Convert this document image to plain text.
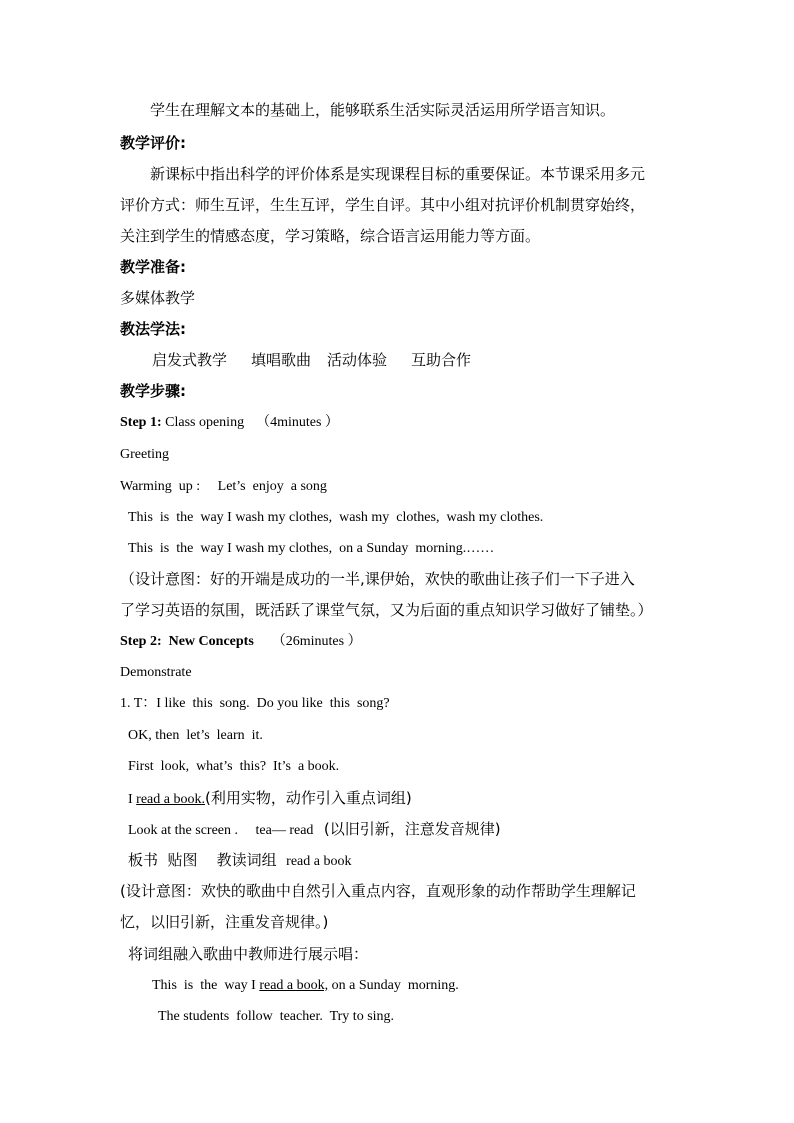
学生在理解文本的基础上，能够联系生活实际灵活运用所学语言知识。
教学评价:
新课标中指出科学的评价体系是实现课程目标的重要保证。本节课采用多元
评价方式：师生互评，生生互评，学生自评。其中小组对抗评价机制贯穿始终，
关注到学生的情感态度，学习策略，综合语言运用能力等方面。
教学准备:
多媒体教学
教法学法:
启发式教学 填唱歌曲 活动体验 互助合作
教学步骤:
Step 1: Class opening （4minutes ）
Greeting
Warming  up :     Let’s  enjoy  a song
This  is  the  way I wash my clothes,  wash my  clothes,  wash my clothes.
This  is  the  way I wash my clothes,  on a Sunday  morning.……
（设计意图：好的开端是成功的一半,课伊始，欢快的歌曲让孩子们一下子进入
了学习英语的氛围，既活跃了课堂气氛，又为后面的重点知识学习做好了铺垫。）
Step 2:  New Concepts （26minutes ）
Demonstrate
1. T：I like  this  song.  Do you like  this  song?
OK, then  let’s  learn  it.
First  look,  what’s  this?  It’s  a book.
I read a book.(利用实物，动作引入重点词组)
Look at the screen .     tea— read   (以旧引新，注意发音规律)
板书  贴图    教读词组  read a book
(设计意图：欢快的歌曲中自然引入重点内容，直观形象的动作帮助学生理解记
忆，以旧引新，注重发音规律。)
将词组融入歌曲中教师进行展示唱：
This  is  the  way I read a book, on a Sunday  morning.
The students  follow  teacher.  Try to sing.
